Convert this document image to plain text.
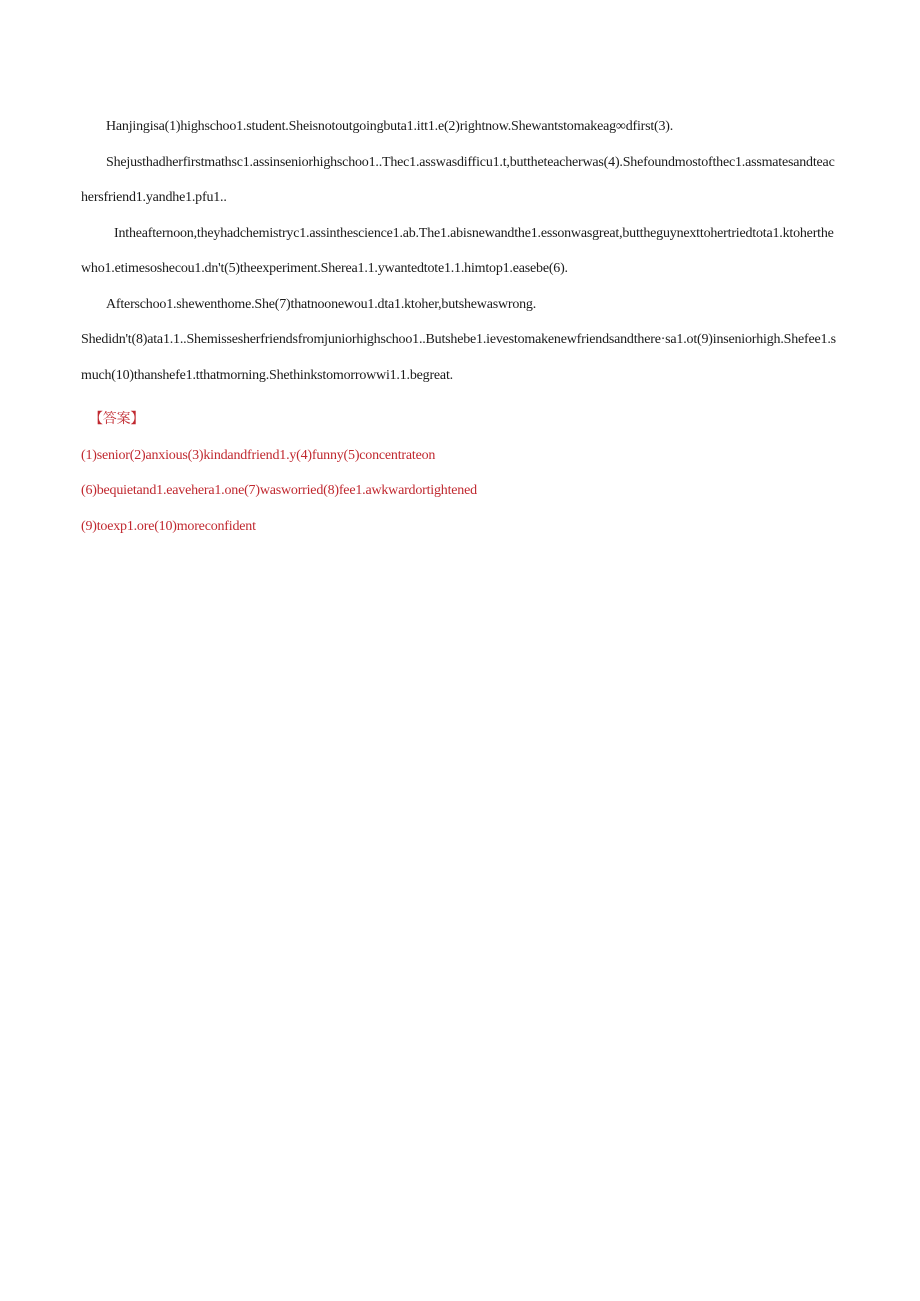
Hanjingisa(1)highschoo1.student.Sheisnotoutgoingbuta1.itt1.e(2)rightnow.Shewantstomakeag∞dfirst(3).

Shejusthadherfirstmathsc1.assinseniorhighschoo1..Thec1.asswasdifficu1.t,buttheteacherwas(4).Shefoundmostofthec1.assmatesandteachersfriend1.yandhe1.pfu1..

Intheafternoon,theyhadchemistryc1.assinthescience1.ab.The1.abisnewandthe1.essonwasgreat,buttheguynexttohertriedtota1.ktoherthewho1.etimesoshecou1.dn't(5)theexperiment.Sherea1.1.ywantedtote1.1.himtop1.easebe(6).

Afterschoo1.shewenthome.She(7)thatnoonewou1.dta1.ktoher,butshewaswrong.

Shedidn't(8)ata1.1..Shemissesherfriendsfromjuniorhighschoo1..Butshebe1.ievestomakenewfriendsandthere·sa1.ot(9)inseniorhigh.Shefee1.smuch(10)thanshefe1.tthatmorning.Shethinkstomorrowwi1.1.begreat.

【答案】

(1)senior(2)anxious(3)kindandfriend1.y(4)funny(5)concentrateon

(6)bequietand1.eavehera1.one(7)wasworried(8)fee1.awkwardortightened

(9)toexp1.ore(10)moreconfident
